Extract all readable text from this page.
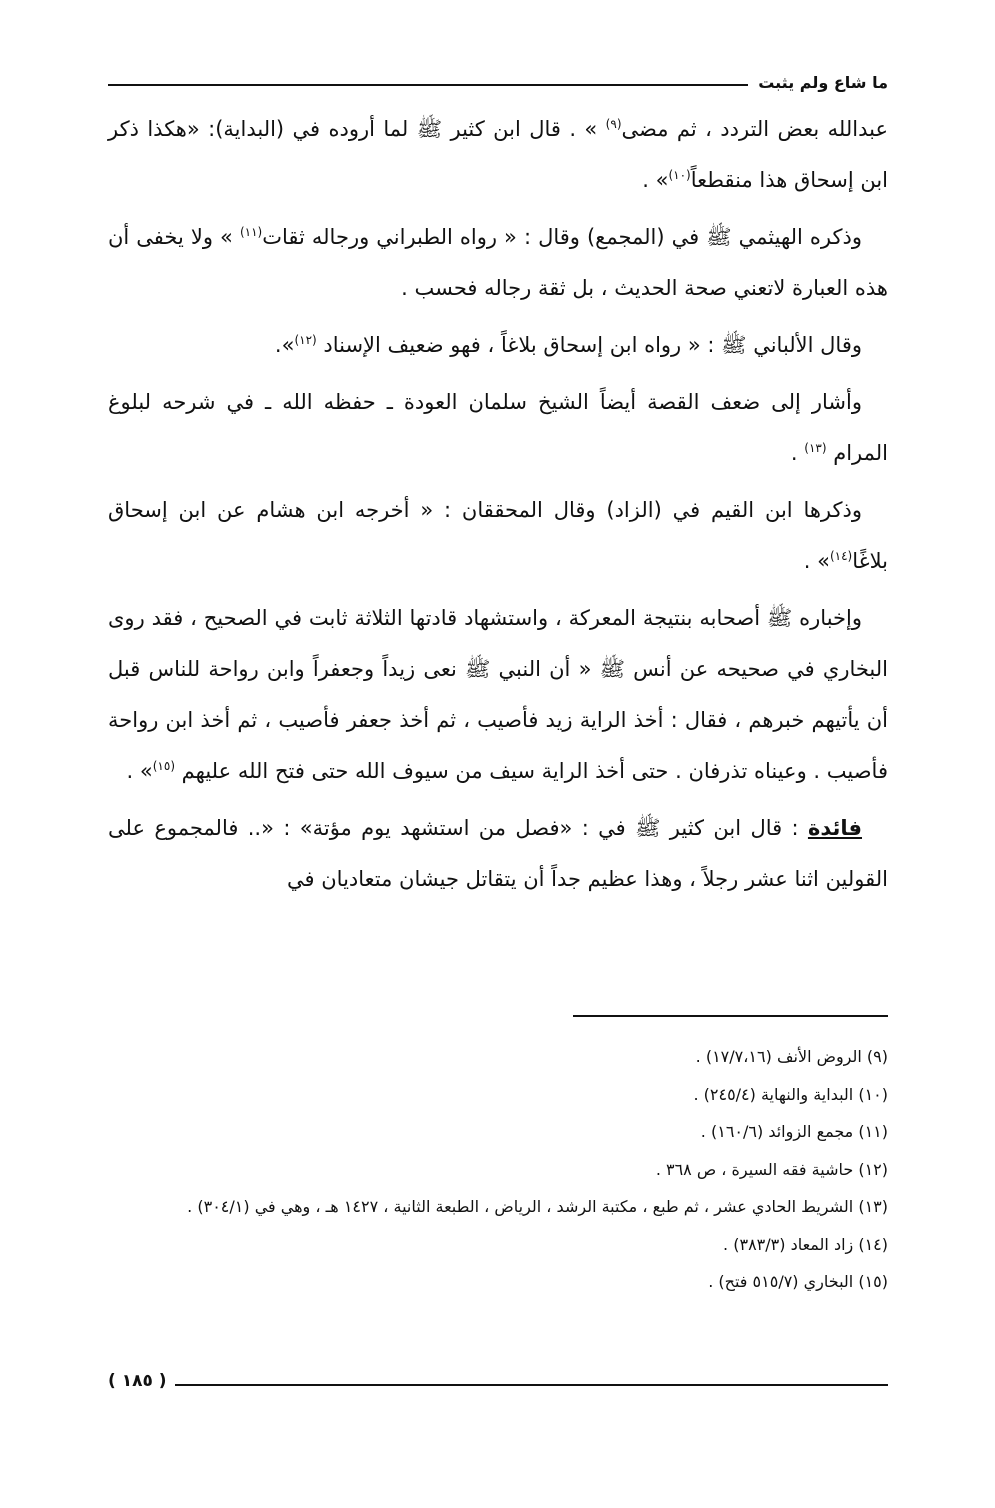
ما شاع ولم يثبت

عبدالله بعض التردد ، ثم مضى$^{(٩)}$ » . قال ابن كثير ﷺ لما أروده في (البداية): «هكذا ذكر ابن إسحاق هذا منقطعاً$^{(١٠)}$» .

وذكره الهيثمي ﷺ في (المجمع) وقال : « رواه الطبراني ورجاله ثقات$^{(١١)}$ » ولا يخفى أن هذه العبارة لاتعني صحة الحديث ، بل ثقة رجاله فحسب .

وقال الألباني ﷺ : « رواه ابن إسحاق بلاغاً ، فهو ضعيف الإسناد $^{(١٢)}$».

وأشار إلى ضعف القصة أيضاً الشيخ سلمان العودة ـ حفظه الله ـ في شرحه لبلوغ المرام $^{(١٣)}$ .

وذكرها ابن القيم في (الزاد) وقال المحققان : « أخرجه ابن هشام عن ابن إسحاق بلاغًا$^{(١٤)}$» .

وإخباره ﷺ أصحابه بنتيجة المعركة ، واستشهاد قادتها الثلاثة ثابت في الصحيح ، فقد روى البخاري في صحيحه عن أنس ﷺ « أن النبي ﷺ نعى زيداً وجعفراً وابن رواحة للناس قبل أن يأتيهم خبرهم ، فقال : أخذ الراية زيد فأصيب ، ثم أخذ جعفر فأصيب ، ثم أخذ ابن رواحة فأصيب . وعيناه تذرفان . حتى أخذ الراية سيف من سيوف الله حتى فتح الله عليهم $^{(١٥)}$» .

فائدة : قال ابن كثير ﷺ في : «فصل من استشهد يوم مؤتة» : «.. فالمجموع على القولين اثنا عشر رجلاً ، وهذا عظيم جداً أن يتقاتل جيشان متعاديان في

(٩) الروض الأنف (١٧/٧،١٦) .

(١٠) البداية والنهاية (٢٤٥/٤) .

(١١) مجمع الزوائد (١٦٠/٦) .

(١٢) حاشية فقه السيرة ، ص ٣٦٨ .

(١٣) الشريط الحادي عشر ، ثم طبع ، مكتبة الرشد ، الرياض ، الطبعة الثانية ، ١٤٢٧ هـ ، وهي في (٣٠٤/١) .

(١٤) زاد المعاد (٣٨٣/٣) .

(١٥) البخاري (٥١٥/٧ فتح) .

( ١٨٥ )
